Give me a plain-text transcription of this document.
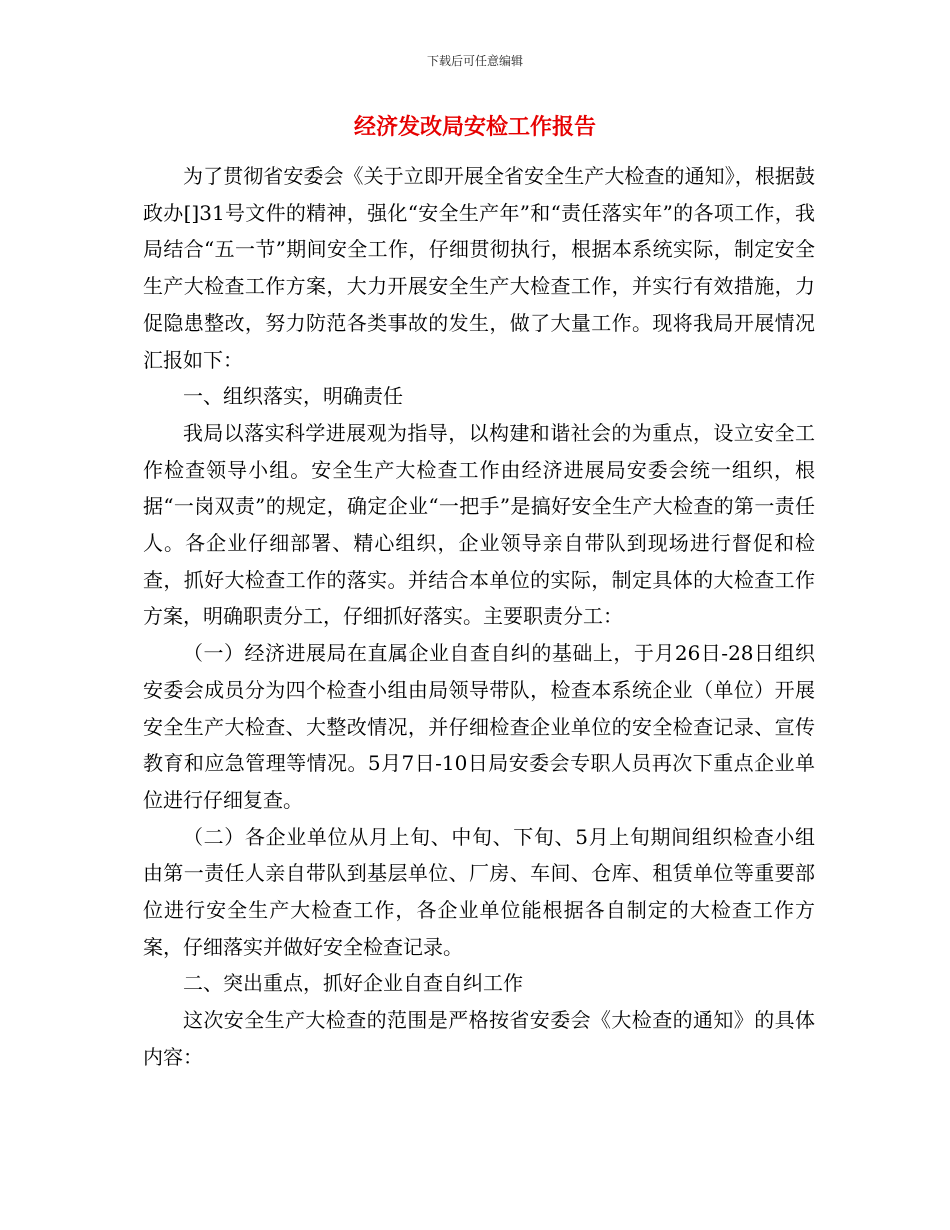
下载后可任意编辑
经济发改局安检工作报告

为了贯彻省安委会《关于立即开展全省安全生产大检查的通知》，根据鼓政办[]31号文件的精神，强化“安全生产年”和“责任落实年”的各项工作，我局结合“五一节”期间安全工作，仔细贯彻执行，根据本系统实际，制定安全生产大检查工作方案，大力开展安全生产大检查工作，并实行有效措施，力促隐患整改，努力防范各类事故的发生，做了大量工作。现将我局开展情况汇报如下：

一、组织落实，明确责任

我局以落实科学进展观为指导，以构建和谐社会的为重点，设立安全工作检查领导小组。安全生产大检查工作由经济进展局安委会统一组织，根据“一岗双责”的规定，确定企业“一把手”是搞好安全生产大检查的第一责任人。各企业仔细部署、精心组织，企业领导亲自带队到现场进行督促和检查，抓好大检查工作的落实。并结合本单位的实际，制定具体的大检查工作方案，明确职责分工，仔细抓好落实。主要职责分工：

（一）经济进展局在直属企业自查自纠的基础上，于月26日-28日组织安委会成员分为四个检查小组由局领导带队，检查本系统企业（单位）开展安全生产大检查、大整改情况，并仔细检查企业单位的安全检查记录、宣传教育和应急管理等情况。5月7日-10日局安委会专职人员再次下重点企业单位进行仔细复查。

（二）各企业单位从月上旬、中旬、下旬、5月上旬期间组织检查小组由第一责任人亲自带队到基层单位、厂房、车间、仓库、租赁单位等重要部位进行安全生产大检查工作，各企业单位能根据各自制定的大检查工作方案，仔细落实并做好安全检查记录。

二、突出重点，抓好企业自查自纠工作

这次安全生产大检查的范围是严格按省安委会《大检查的通知》的具体内容：
